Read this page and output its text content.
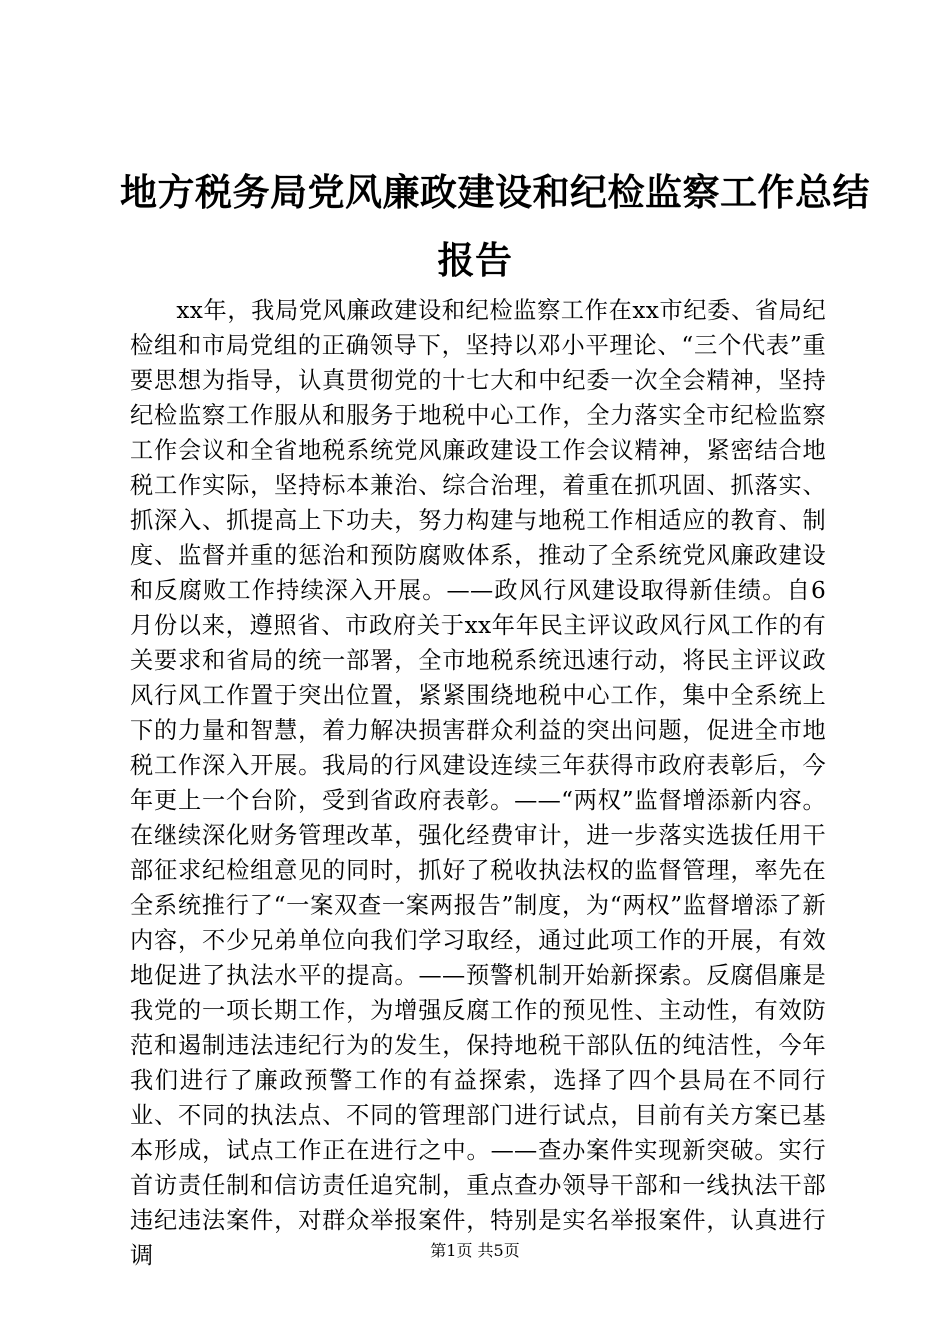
地方税务局党风廉政建设和纪检监察工作总结
报告

xx年，我局党风廉政建设和纪检监察工作在xx市纪委、省局纪检组和市局党组的正确领导下，坚持以邓小平理论、“三个代表”重要思想为指导，认真贯彻党的十七大和中纪委一次全会精神，坚持纪检监察工作服从和服务于地税中心工作，全力落实全市纪检监察工作会议和全省地税系统党风廉政建设工作会议精神，紧密结合地税工作实际，坚持标本兼治、综合治理，着重在抓巩固、抓落实、抓深入、抓提高上下功夫，努力构建与地税工作相适应的教育、制度、监督并重的惩治和预防腐败体系，推动了全系统党风廉政建设和反腐败工作持续深入开展。——政风行风建设取得新佳绩。自6月份以来，遵照省、市政府关于xx年年民主评议政风行风工作的有关要求和省局的统一部署，全市地税系统迅速行动，将民主评议政风行风工作置于突出位置，紧紧围绕地税中心工作，集中全系统上下的力量和智慧，着力解决损害群众利益的突出问题，促进全市地税工作深入开展。我局的行风建设连续三年获得市政府表彰后，今年更上一个台阶，受到省政府表彰。——“两权”监督增添新内容。在继续深化财务管理改革，强化经费审计，进一步落实选拔任用干部征求纪检组意见的同时，抓好了税收执法权的监督管理，率先在全系统推行了“一案双查一案两报告”制度，为“两权”监督增添了新内容，不少兄弟单位向我们学习取经，通过此项工作的开展，有效地促进了执法水平的提高。——预警机制开始新探索。反腐倡廉是我党的一项长期工作，为增强反腐工作的预见性、主动性，有效防范和遏制违法违纪行为的发生，保持地税干部队伍的纯洁性，今年我们进行了廉政预警工作的有益探索，选择了四个县局在不同行业、不同的执法点、不同的管理部门进行试点，目前有关方案已基本形成，试点工作正在进行之中。——查办案件实现新突破。实行首访责任制和信访责任追究制，重点查办领导干部和一线执法干部违纪违法案件，对群众举报案件，特别是实名举报案件，认真进行调	第1页 共5页
